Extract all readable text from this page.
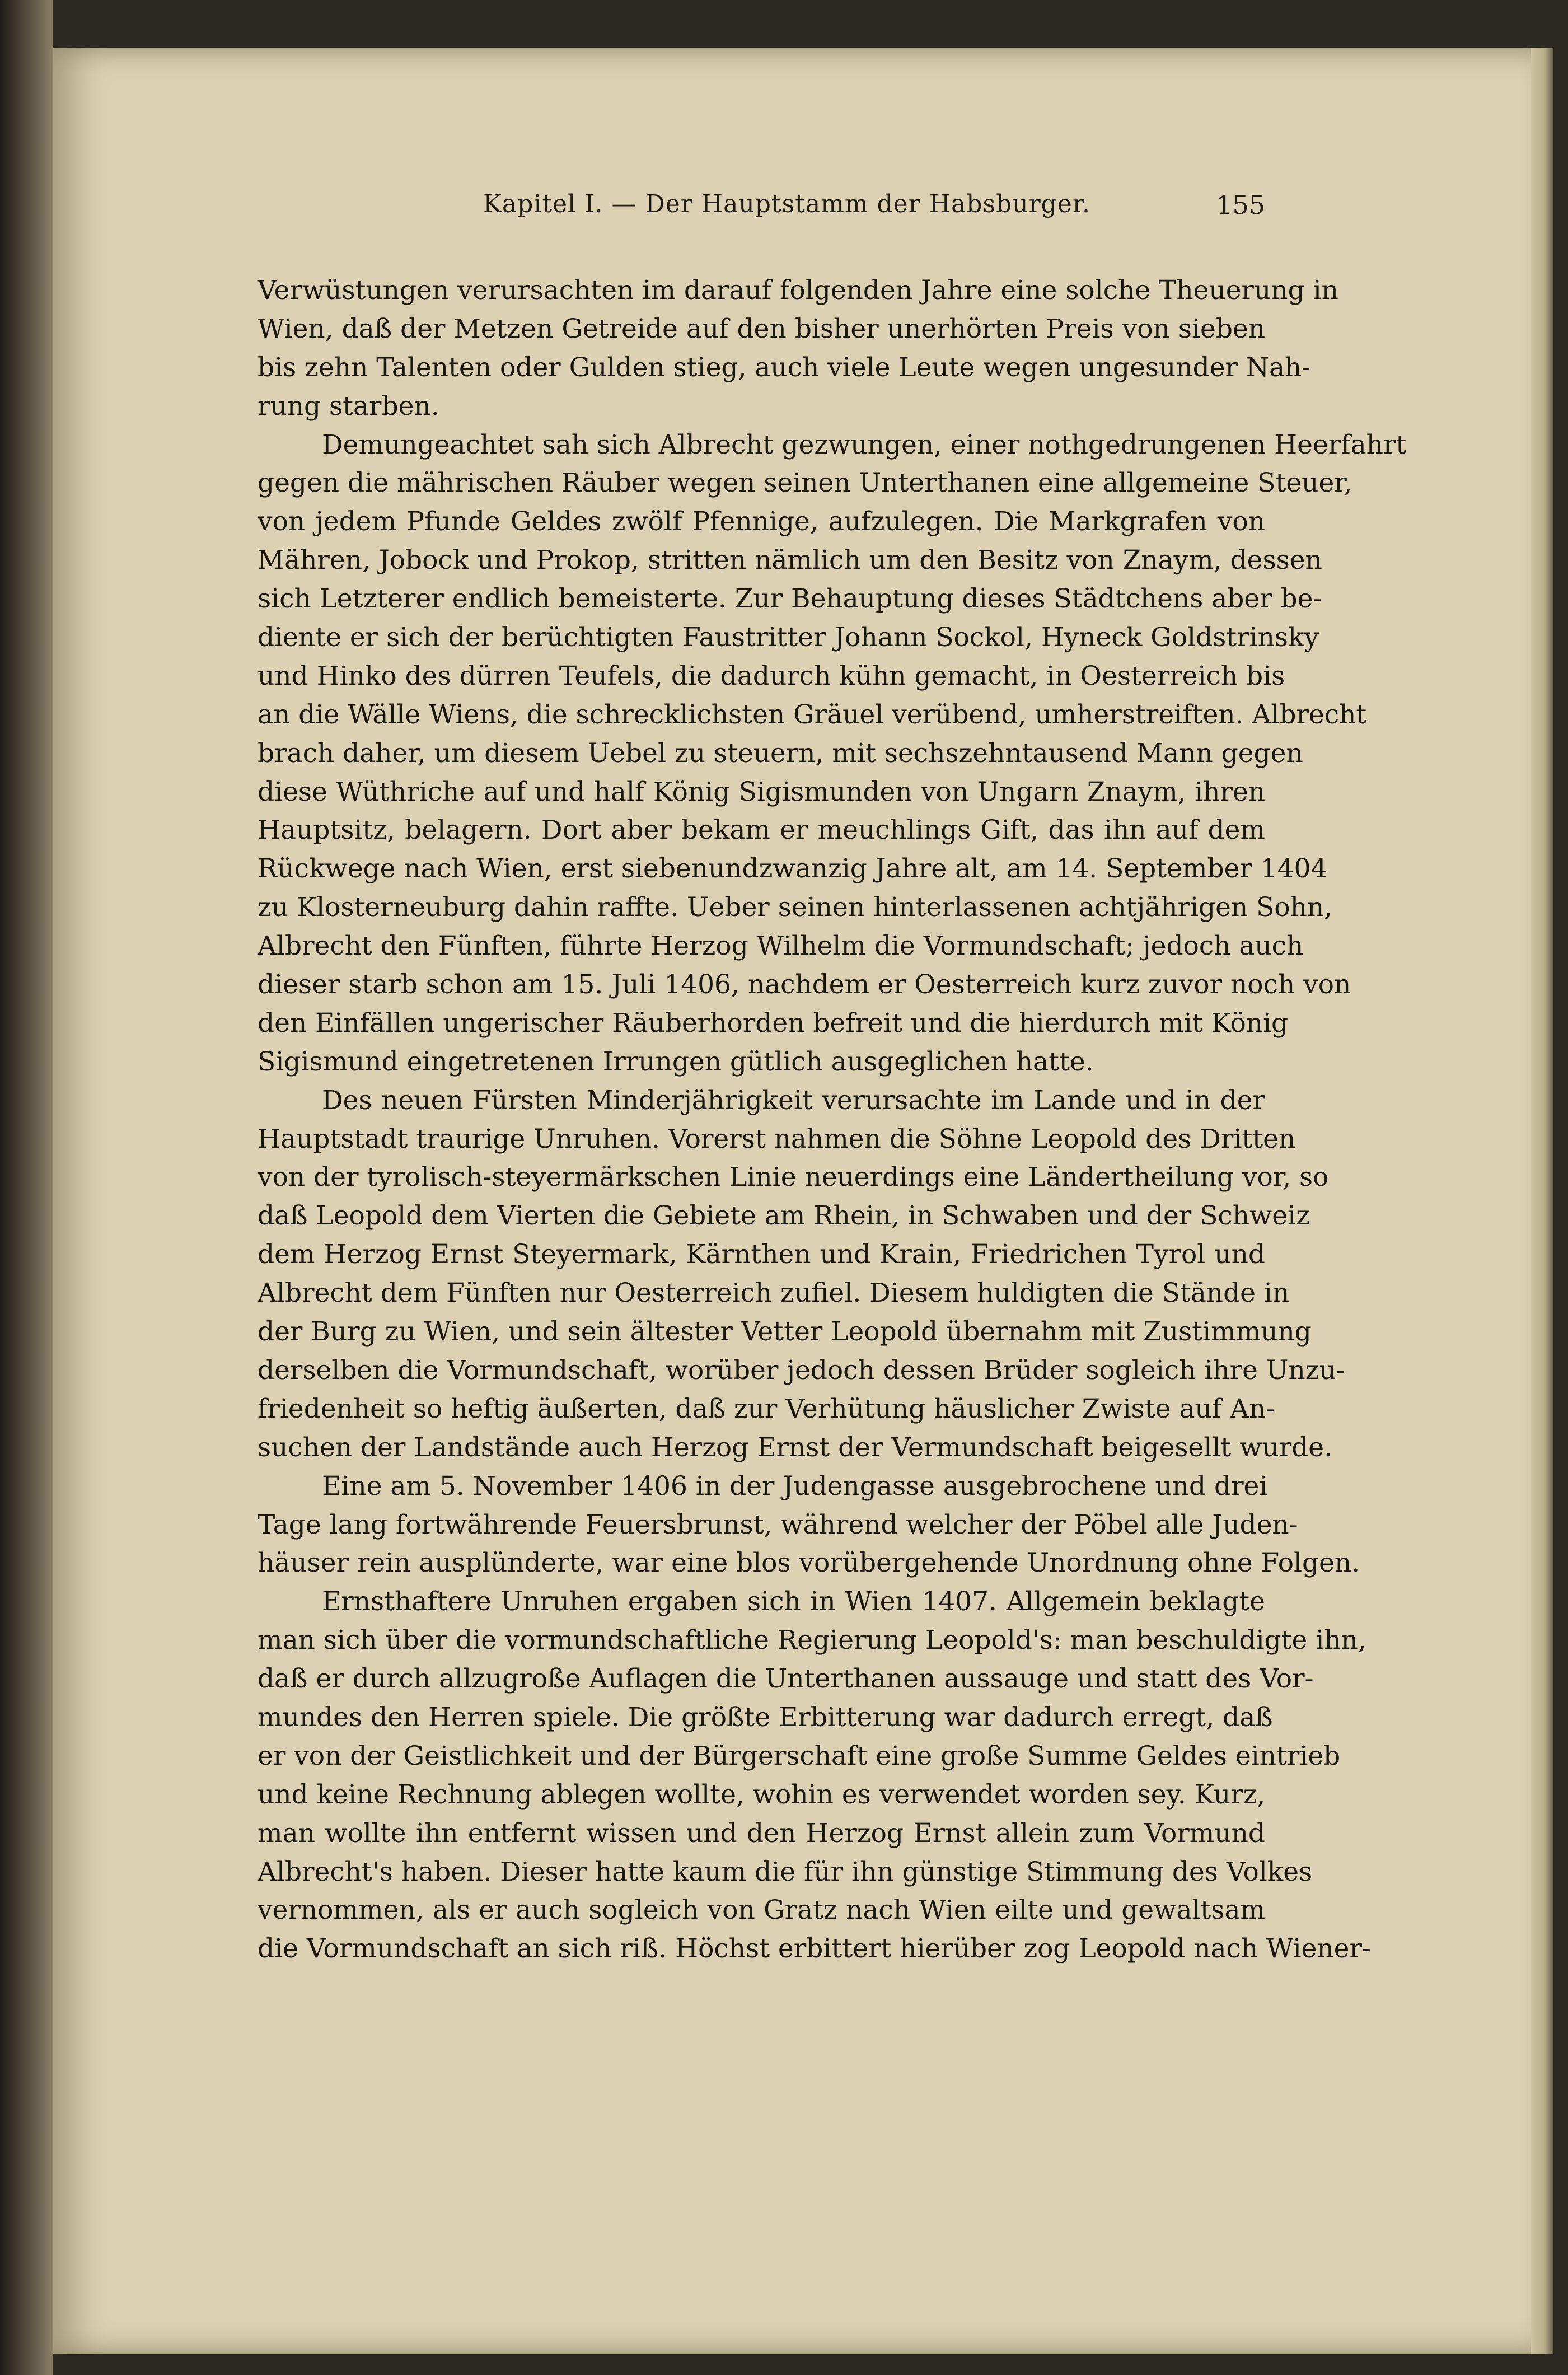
Kapitel I. — Der Hauptstamm der Habsburger.	155
Verwüstungen verursachten im darauf folgenden Jahre eine solche Theuerung in
Wien, daß der Metzen Getreide auf den bisher unerhörten Preis von sieben
bis zehn Talenten oder Gulden stieg, auch viele Leute wegen ungesunder Nah-
rung starben.
Demungeachtet sah sich Albrecht gezwungen, einer nothgedrungenen Heerfahrt
gegen die mährischen Räuber wegen seinen Unterthanen eine allgemeine Steuer,
von jedem Pfunde Geldes zwölf Pfennige, aufzulegen. Die Markgrafen von
Mähren, Jobock und Prokop, stritten nämlich um den Besitz von Znaym, dessen
sich Letzterer endlich bemeisterte. Zur Behauptung dieses Städtchens aber be-
diente er sich der berüchtigten Faustritter Johann Sockol, Hyneck Goldstrinsky
und Hinko des dürren Teufels, die dadurch kühn gemacht, in Oesterreich bis
an die Wälle Wiens, die schrecklichsten Gräuel verübend, umherstreiften. Albrecht
brach daher, um diesem Uebel zu steuern, mit sechszehntausend Mann gegen
diese Wüthriche auf und half König Sigismunden von Ungarn Znaym, ihren
Hauptsitz, belagern. Dort aber bekam er meuchlings Gift, das ihn auf dem
Rückwege nach Wien, erst siebenundzwanzig Jahre alt, am 14. September 1404
zu Klosterneuburg dahin raffte. Ueber seinen hinterlassenen achtjährigen Sohn,
Albrecht den Fünften, führte Herzog Wilhelm die Vormundschaft; jedoch auch
dieser starb schon am 15. Juli 1406, nachdem er Oesterreich kurz zuvor noch von
den Einfällen ungerischer Räuberhorden befreit und die hierdurch mit König
Sigismund eingetretenen Irrungen gütlich ausgeglichen hatte.
Des neuen Fürsten Minderjährigkeit verursachte im Lande und in der
Hauptstadt traurige Unruhen. Vorerst nahmen die Söhne Leopold des Dritten
von der tyrolisch-steyermärkschen Linie neuerdings eine Ländertheilung vor, so
daß Leopold dem Vierten die Gebiete am Rhein, in Schwaben und der Schweiz
dem Herzog Ernst Steyermark, Kärnthen und Krain, Friedrichen Tyrol und
Albrecht dem Fünften nur Oesterreich zufiel. Diesem huldigten die Stände in
der Burg zu Wien, und sein ältester Vetter Leopold übernahm mit Zustimmung
derselben die Vormundschaft, worüber jedoch dessen Brüder sogleich ihre Unzu-
friedenheit so heftig äußerten, daß zur Verhütung häuslicher Zwiste auf An-
suchen der Landstände auch Herzog Ernst der Vermundschaft beigesellt wurde.
Eine am 5. November 1406 in der Judengasse ausgebrochene und drei
Tage lang fortwährende Feuersbrunst, während welcher der Pöbel alle Juden-
häuser rein ausplünderte, war eine blos vorübergehende Unordnung ohne Folgen.
Ernsthaftere Unruhen ergaben sich in Wien 1407. Allgemein beklagte
man sich über die vormundschaftliche Regierung Leopold's: man beschuldigte ihn,
daß er durch allzugroße Auflagen die Unterthanen aussauge und statt des Vor-
mundes den Herren spiele. Die größte Erbitterung war dadurch erregt, daß
er von der Geistlichkeit und der Bürgerschaft eine große Summe Geldes eintrieb
und keine Rechnung ablegen wollte, wohin es verwendet worden sey. Kurz,
man wollte ihn entfernt wissen und den Herzog Ernst allein zum Vormund
Albrecht's haben. Dieser hatte kaum die für ihn günstige Stimmung des Volkes
vernommen, als er auch sogleich von Gratz nach Wien eilte und gewaltsam
die Vormundschaft an sich riß. Höchst erbittert hierüber zog Leopold nach Wiener-
